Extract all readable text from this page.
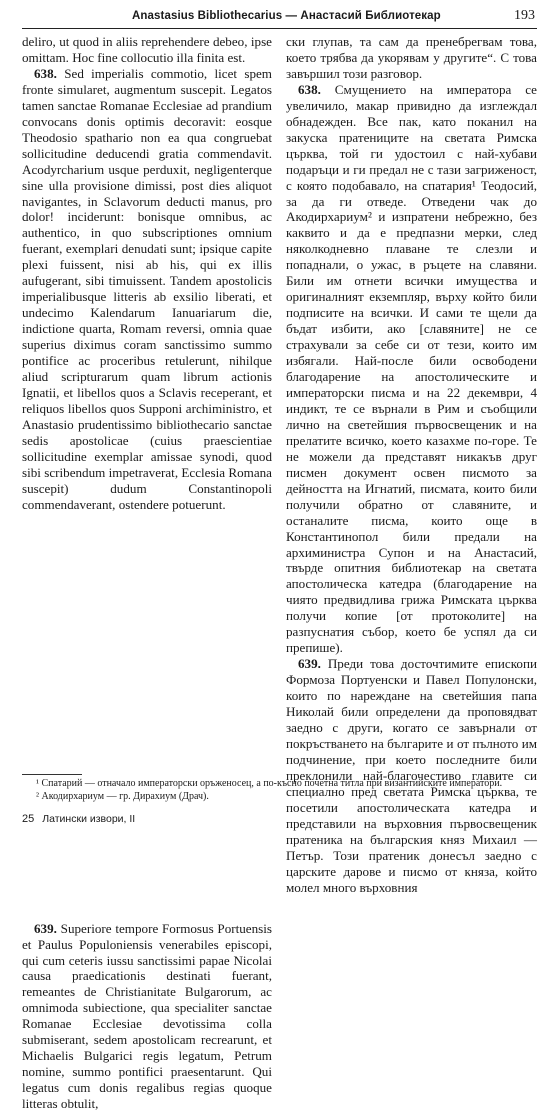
Anastasius Bibliothecarius — Анастасий Библиотекар	193

deliro, ut quod in aliis reprehendere debeo, ipse omittam. Hoc fine collocutio illa finita est.

638. Sed imperialis commotio, licet spem fronte simularet, augmentum suscepit. Legatos tamen sanctae Romanae Ecclesiae ad prandium convocans donis optimis decoravit: eosque Theodosio spathario non ea qua congruebat sollicitudine deducendi gratia commendavit. Acodyrcharium usque perduxit, negligenterque sine ulla provisione dimissi, post dies aliquot navigantes, in Sclavorum deducti manus, pro dolor! inciderunt: bonisque omnibus, ac authentico, in quo subscriptiones omnium fuerant, exemplari denudati sunt; ipsique capite plexi fuissent, nisi ab his, qui ex illis aufugerant, sibi timuissent. Tandem apostolicis imperialibusque litteris ab exsilio liberati, et undecimo Kalendarum Ianuariarum die, indictione quarta, Romam reversi, omnia quae superius diximus coram sanctissimo summo pontifice ac proceribus retulerunt, nihilque aliud scripturarum quam librum actionis Ignatii, et libellos quos a Sclavis receperant, et reliquos libellos quos Supponi archiministro, et Anastasio prudentissimo bibliothecario sanctae sedis apostolicae (cuius praescientiae sollicitudine exemplar amissae synodi, quod sibi scribendum impetraverat, Ecclesia Romana suscepit) dudum Constantinopoli commendaverant, ostendere potuerunt.

639. Superiore tempore Formosus Portuensis et Paulus Populoniensis venerabiles episcopi, qui cum ceteris iussu sanctissimi papae Nicolai causa praedicationis destinati fuerant, remeantes de Christianitate Bulgarorum, ac omnimoda subiectione, qua specialiter sanctae Romanae Ecclesiae devotissima colla submiserant, sedem apostolicam recrearunt, et Michaelis Bulgarici regis legatum, Petrum nomine, summo pontifici praesentarunt. Qui legatus cum donis regalibus regias quoque litteras obtulit,

ски глупав, та сам да пренебрегвам това, което трябва да укорявам у другите“. С това завършил този разговор.

638. Смущението на императора се увеличило, макар привидно да изглеждал обнадежден. Все пак, като поканил на закуска пратениците на светата Римска църква, той ги удостоил с най-хубави подаръци и ги предал не с тази загриженост, с която подобавало, на спатария¹ Теодосий, за да ги отведе. Отведени чак до Акодирхариум² и изпратени небрежно, без каквито и да е предпазни мерки, след няколкодневно плаване те слезли и попаднали, о ужас, в ръцете на славяни. Били им отнети всички имущества и оригиналният екземпляр, върху който били подписите на всички. И сами те щели да бъдат избити, ако [славяните] не се страхували за себе си от тези, които им избягали. Най-после били освободени благодарение на апостолическите и императорски писма и на 22 декември, 4 индикт, те се върнали в Рим и съобщили лично на светейшия първосвещеник и на прелатите всичко, което казахме по-горе. Те не можели да представят никакъв друг писмен документ освен писмото за дейността на Игнатий, писмата, които били получили обратно от славяните, и останалите писма, които още в Константинопол били предали на архиминистра Супон и на Анастасий, твърде опитния библиотекар на светата апостолическа катедра (благодарение на чиято предвидлива грижа Римската църква получи копие [от протоколите] на разпуснатия събор, което бе успял да си препише).

639. Преди това досточтимите епископи Формоза Портуенски и Павел Популонски, които по нареждане на светейшия папа Николай били определени да проповядват заедно с други, когато се завърнали от покръстването на българите и от пълното им подчинение, при което последните били преклонили най-благочестиво главите си специално пред светата Римска църква, те посетили апостолическата катедра и представили на върховния първосвещеник пратеника на българския княз Михаил — Петър. Този пратеник донесъл заедно с царските дарове и писмо от княза, който молел много върховния

¹ Спатарий — отначало императорски оръженосец, а по-късно почетна титла при византийските императори.

² Акодирхариум — гр. Дирахиум (Драч).

25 Латински извори, II
